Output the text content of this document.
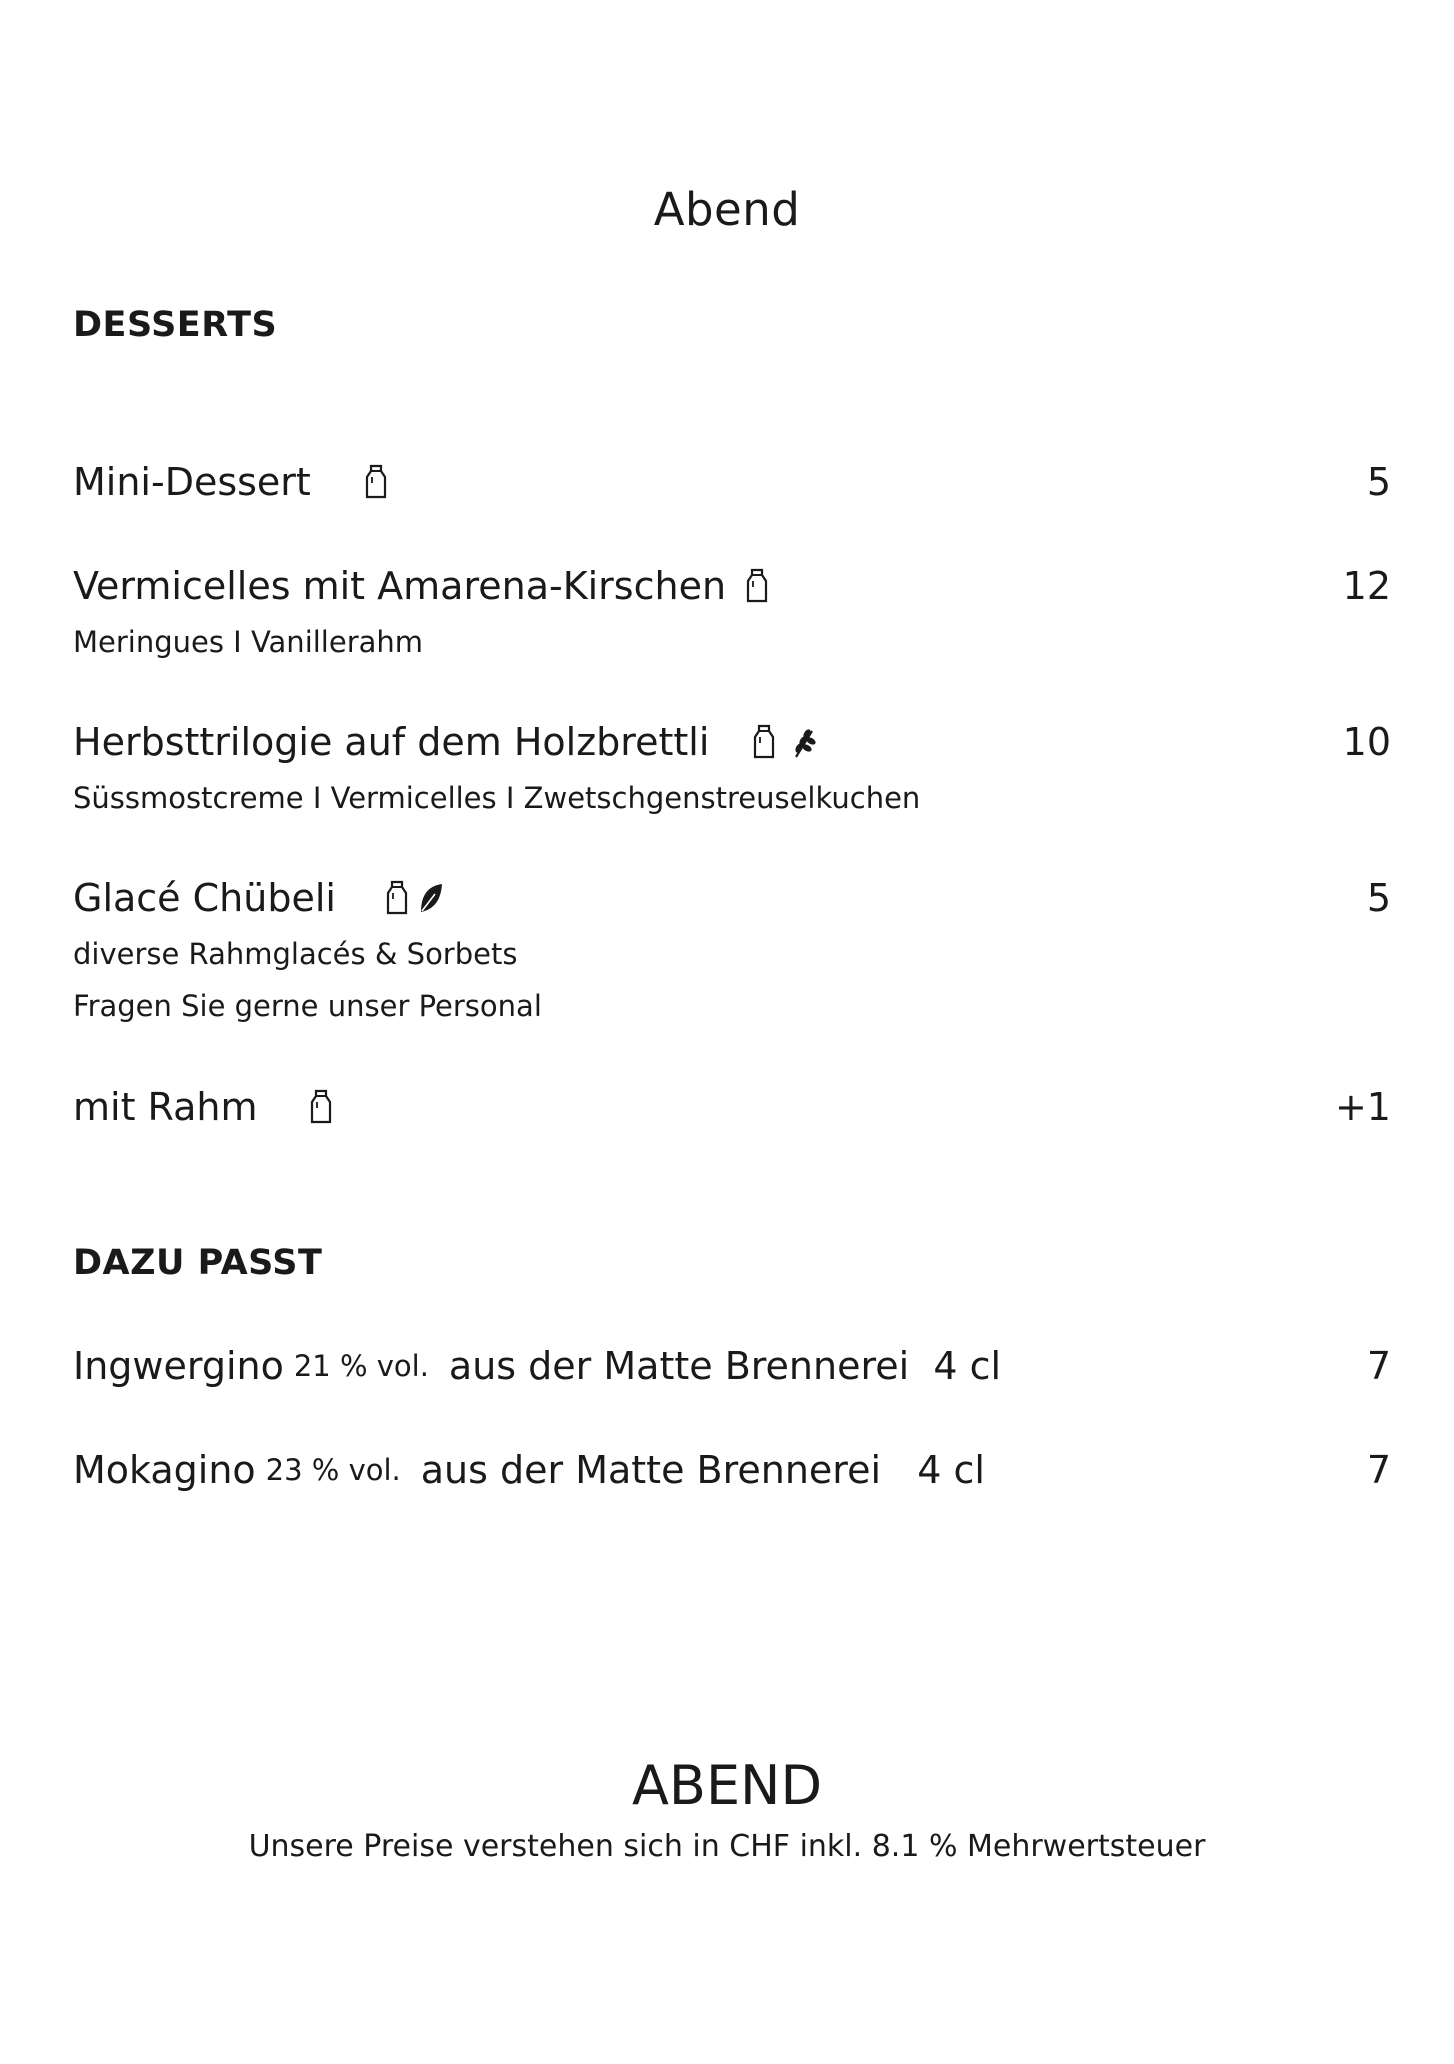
Abend
DESSERTS
Mini-Dessert	5
Vermicelles mit Amarena-Kirschen	12
Meringues I Vanillerahm
Herbsttrilogie auf dem Holzbrettli	10
Süssmostcreme I Vermicelles I Zwetschgenstreuselkuchen
Glacé Chübeli	5
diverse Rahmglacés & Sorbets
Fragen Sie gerne unser Personal
mit Rahm	+1
DAZU PASST
Ingwergino 21 % vol. aus der Matte Brennerei  4 cl	7
Mokagino 23 % vol. aus der Matte Brennerei   4 cl	7
ABEND
Unsere Preise verstehen sich in CHF inkl. 8.1 % Mehrwertsteuer
